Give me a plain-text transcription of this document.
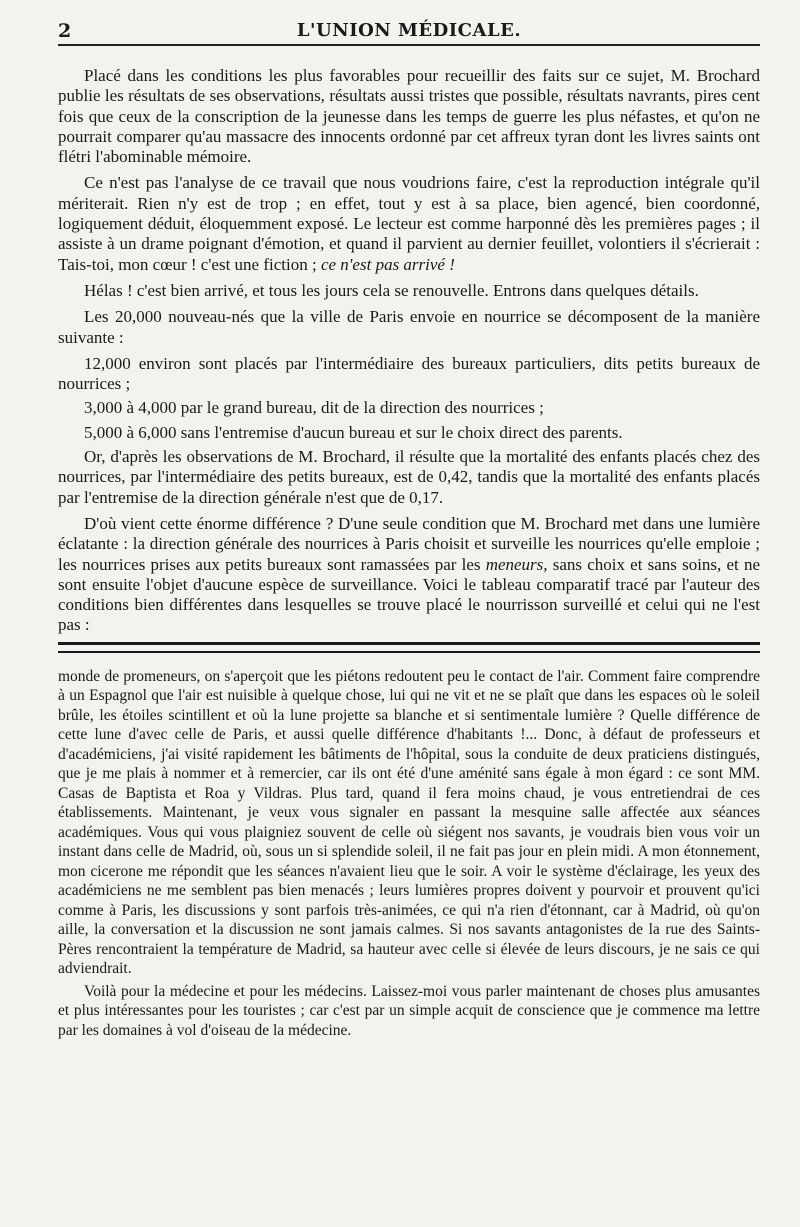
2	L'UNION MÉDICALE.

Placé dans les conditions les plus favorables pour recueillir des faits sur ce sujet, M. Brochard publie les résultats de ses observations, résultats aussi tristes que possible, résultats navrants, pires cent fois que ceux de la conscription de la jeunesse dans les temps de guerre les plus néfastes, et qu'on ne pourrait comparer qu'au massacre des innocents ordonné par cet affreux tyran dont les livres saints ont flétri l'abominable mémoire.

Ce n'est pas l'analyse de ce travail que nous voudrions faire, c'est la reproduction intégrale qu'il mériterait. Rien n'y est de trop ; en effet, tout y est à sa place, bien agencé, bien coordonné, logiquement déduit, éloquemment exposé. Le lecteur est comme harponné dès les premières pages ; il assiste à un drame poignant d'émotion, et quand il parvient au dernier feuillet, volontiers il s'écrierait : Tais-toi, mon cœur ! c'est une fiction ; ce n'est pas arrivé !

Hélas ! c'est bien arrivé, et tous les jours cela se renouvelle. Entrons dans quelques détails.

Les 20,000 nouveau-nés que la ville de Paris envoie en nourrice se décomposent de la manière suivante :

12,000 environ sont placés par l'intermédiaire des bureaux particuliers, dits petits bureaux de nourrices ;

3,000 à 4,000 par le grand bureau, dit de la direction des nourrices ;

5,000 à 6,000 sans l'entremise d'aucun bureau et sur le choix direct des parents.

Or, d'après les observations de M. Brochard, il résulte que la mortalité des enfants placés chez des nourrices, par l'intermédiaire des petits bureaux, est de 0,42, tandis que la mortalité des enfants placés par l'entremise de la direction générale n'est que de 0,17.

D'où vient cette énorme différence ? D'une seule condition que M. Brochard met dans une lumière éclatante : la direction générale des nourrices à Paris choisit et surveille les nourrices qu'elle emploie ; les nourrices prises aux petits bureaux sont ramassées par les meneurs, sans choix et sans soins, et ne sont ensuite l'objet d'aucune espèce de surveillance. Voici le tableau comparatif tracé par l'auteur des conditions bien différentes dans lesquelles se trouve placé le nourrisson surveillé et celui qui ne l'est pas :

monde de promeneurs, on s'aperçoit que les piétons redoutent peu le contact de l'air. Comment faire comprendre à un Espagnol que l'air est nuisible à quelque chose, lui qui ne vit et ne se plaît que dans les espaces où le soleil brûle, les étoiles scintillent et où la lune projette sa blanche et si sentimentale lumière ? Quelle différence de cette lune d'avec celle de Paris, et aussi quelle différence d'habitants !... Donc, à défaut de professeurs et d'académiciens, j'ai visité rapidement les bâtiments de l'hôpital, sous la conduite de deux praticiens distingués, que je me plais à nommer et à remercier, car ils ont été d'une aménité sans égale à mon égard : ce sont MM. Casas de Baptista et Roa y Vildras. Plus tard, quand il fera moins chaud, je vous entretiendrai de ces établissements. Maintenant, je veux vous signaler en passant la mesquine salle affectée aux séances académiques. Vous qui vous plaigniez souvent de celle où siégent nos savants, je voudrais bien vous voir un instant dans celle de Madrid, où, sous un si splendide soleil, il ne fait pas jour en plein midi. A mon étonnement, mon cicerone me répondit que les séances n'avaient lieu que le soir. A voir le système d'éclairage, les yeux des académiciens ne me semblent pas bien menacés ; leurs lumières propres doivent y pourvoir et prouvent qu'ici comme à Paris, les discussions y sont parfois très-animées, ce qui n'a rien d'étonnant, car à Madrid, où qu'on aille, la conversation et la discussion ne sont jamais calmes. Si nos savants antagonistes de la rue des Saints-Pères rencontraient la température de Madrid, sa hauteur avec celle si élevée de leurs discours, je ne sais ce qui adviendrait.

Voilà pour la médecine et pour les médecins. Laissez-moi vous parler maintenant de choses plus amusantes et plus intéressantes pour les touristes ; car c'est par un simple acquit de conscience que je commence ma lettre par les domaines à vol d'oiseau de la médecine.
